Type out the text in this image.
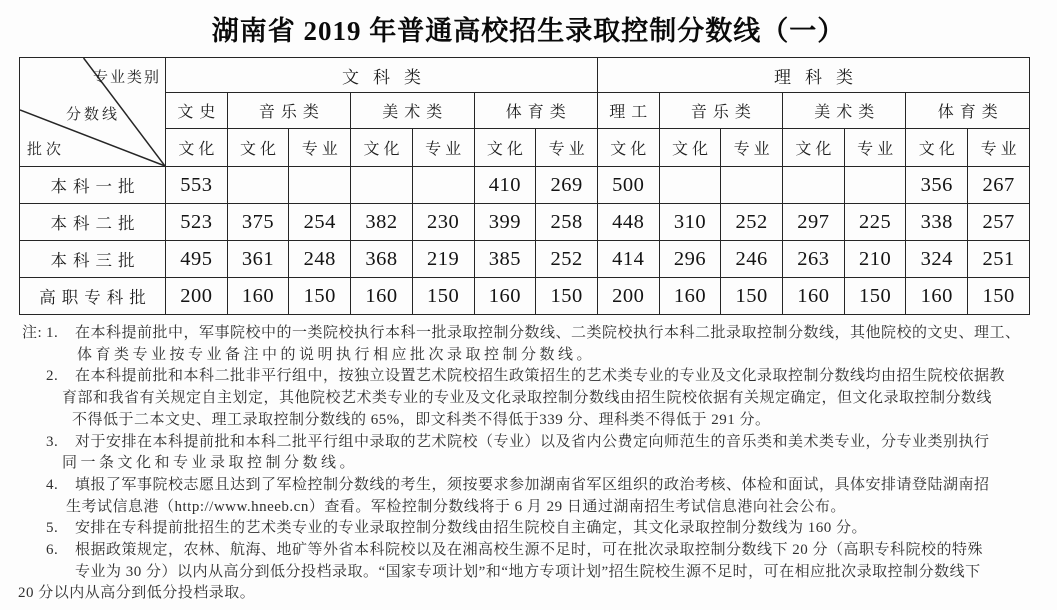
湖南省 2019 年普通高校招生录取控制分数线（一）
专业类别
分数线
批次	文科类							理科类						
	文史	音乐类		美术类		体育类		理工	音乐类		美术类		体育类	
	文化	文化	专业	文化	专业	文化	专业	文化	文化	专业	文化	专业	文化	专业
本科一批	553					410	269	500					356	267
本科二批	523	375	254	382	230	399	258	448	310	252	297	225	338	257
本科三批	495	361	248	368	219	385	252	414	296	246	263	210	324	251
高职专科批	200	160	150	160	150	160	150	200	160	150	160	150	160	150
注: 1. 在本科提前批中，军事院校中的一类院校执行本科一批录取控制分数线、二类院校执行本科二批录取控制分数线，其他院校的文史、理工、
体育类专业按专业备注中的说明执行相应批次录取控制分数线。
2. 在本科提前批和本科二批非平行组中，按独立设置艺术院校招生政策招生的艺术类专业的专业及文化录取控制分数线均由招生院校依据教
育部和我省有关规定自主划定，其他院校艺术类专业的专业及文化录取控制分数线由招生院校依据有关规定确定，但文化录取控制分数线
不得低于二本文史、理工录取控制分数线的 65%，即文科类不得低于339 分、理科类不得低于 291 分。
3. 对于安排在本科提前批和本科二批平行组中录取的艺术院校（专业）以及省内公费定向师范生的音乐类和美术类专业，分专业类别执行
同一条文化和专业录取控制分数线。
4. 填报了军事院校志愿且达到了军检控制分数线的考生，须按要求参加湖南省军区组织的政治考核、体检和面试，具体安排请登陆湖南招
生考试信息港（http://www.hneeb.cn）查看。军检控制分数线将于 6 月 29 日通过湖南招生考试信息港向社会公布。
5. 安排在专科提前批招生的艺术类专业的专业录取控制分数线由招生院校自主确定，其文化录取控制分数线为 160 分。
6. 根据政策规定，农林、航海、地矿等外省本科院校以及在湘高校生源不足时，可在批次录取控制分数线下 20 分（高职专科院校的特殊
专业为 30 分）以内从高分到低分投档录取。“国家专项计划”和“地方专项计划”招生院校生源不足时，可在相应批次录取控制分数线下
20 分以内从高分到低分投档录取。
